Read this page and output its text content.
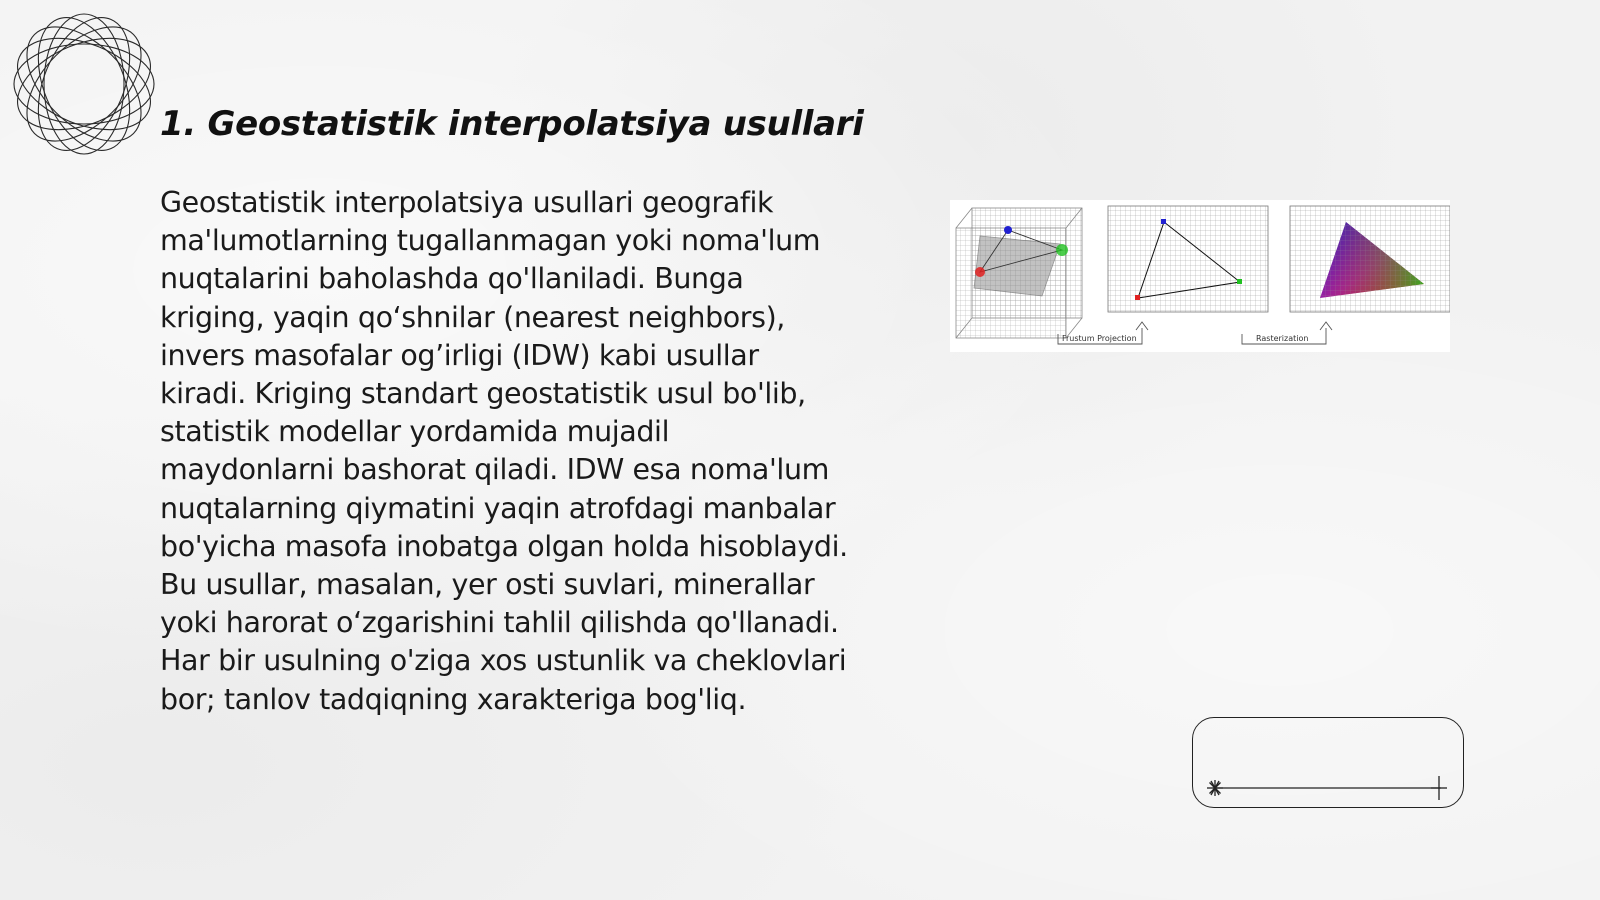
1. Geostatistik interpolatsiya usullari

Geostatistik interpolatsiya usullari geografik ma'lumotlarning tugallanmagan yoki noma'lum nuqtalarini baholashda qo'llaniladi. Bunga kriging, yaqin qo‘shnilar (nearest neighbors), invers masofalar og’irligi (IDW) kabi usullar kiradi. Kriging standart geostatistik usul bo'lib, statistik modellar yordamida mujadil maydonlarni bashorat qiladi. IDW esa noma'lum nuqtalarning qiymatini yaqin atrofdagi manbalar bo'yicha masofa inobatga olgan holda hisoblaydi. Bu usullar, masalan, yer osti suvlari, minerallar yoki harorat o‘zgarishini tahlil qilishda qo'llanadi. Har bir usulning o'ziga xos ustunlik va cheklovlari bor; tanlov tadqiqning xarakteriga bog'liq.

Frustum Projection	Rasterization
